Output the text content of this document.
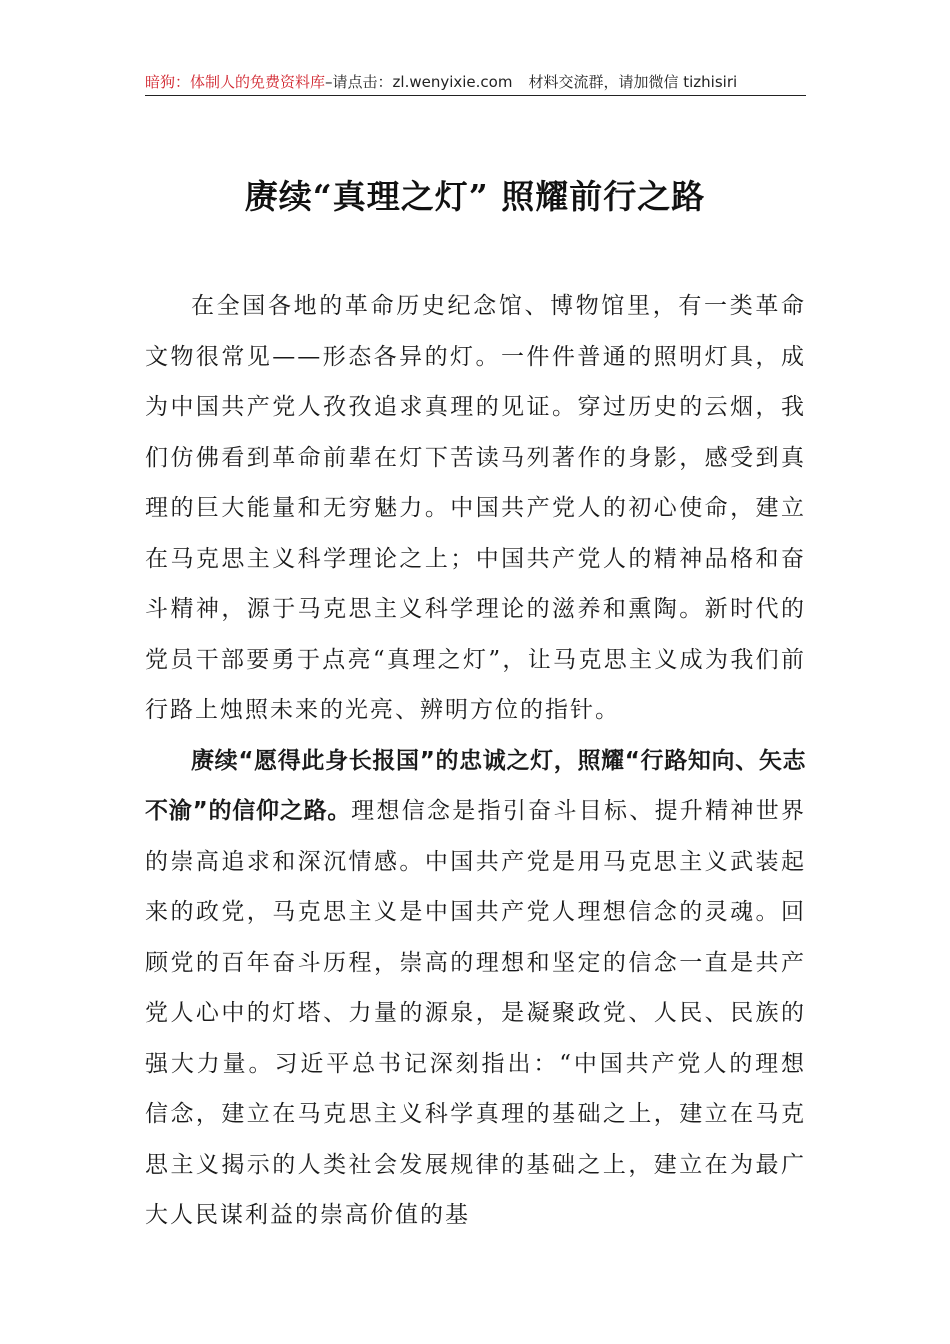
暗狗：体制人的免费资料库–请点击：zl.wenyixie.com 材料交流群，请加微信 tizhisiri
赓续“真理之灯” 照耀前行之路

在全国各地的革命历史纪念馆、博物馆里，有一类革命文物很常见——形态各异的灯。一件件普通的照明灯具，成为中国共产党人孜孜追求真理的见证。穿过历史的云烟，我们仿佛看到革命前辈在灯下苦读马列著作的身影，感受到真理的巨大能量和无穷魅力。中国共产党人的初心使命，建立在马克思主义科学理论之上；中国共产党人的精神品格和奋斗精神，源于马克思主义科学理论的滋养和熏陶。新时代的党员干部要勇于点亮“真理之灯”，让马克思主义成为我们前行路上烛照未来的光亮、辨明方位的指针。

赓续“愿得此身长报国”的忠诚之灯，照耀“行路知向、矢志不渝”的信仰之路。理想信念是指引奋斗目标、提升精神世界的崇高追求和深沉情感。中国共产党是用马克思主义武装起来的政党，马克思主义是中国共产党人理想信念的灵魂。回顾党的百年奋斗历程，崇高的理想和坚定的信念一直是共产党人心中的灯塔、力量的源泉，是凝聚政党、人民、民族的强大力量。习近平总书记深刻指出：“中国共产党人的理想信念，建立在马克思主义科学真理的基础之上，建立在马克思主义揭示的人类社会发展规律的基础之上，建立在为最广大人民谋利益的崇高价值的基
